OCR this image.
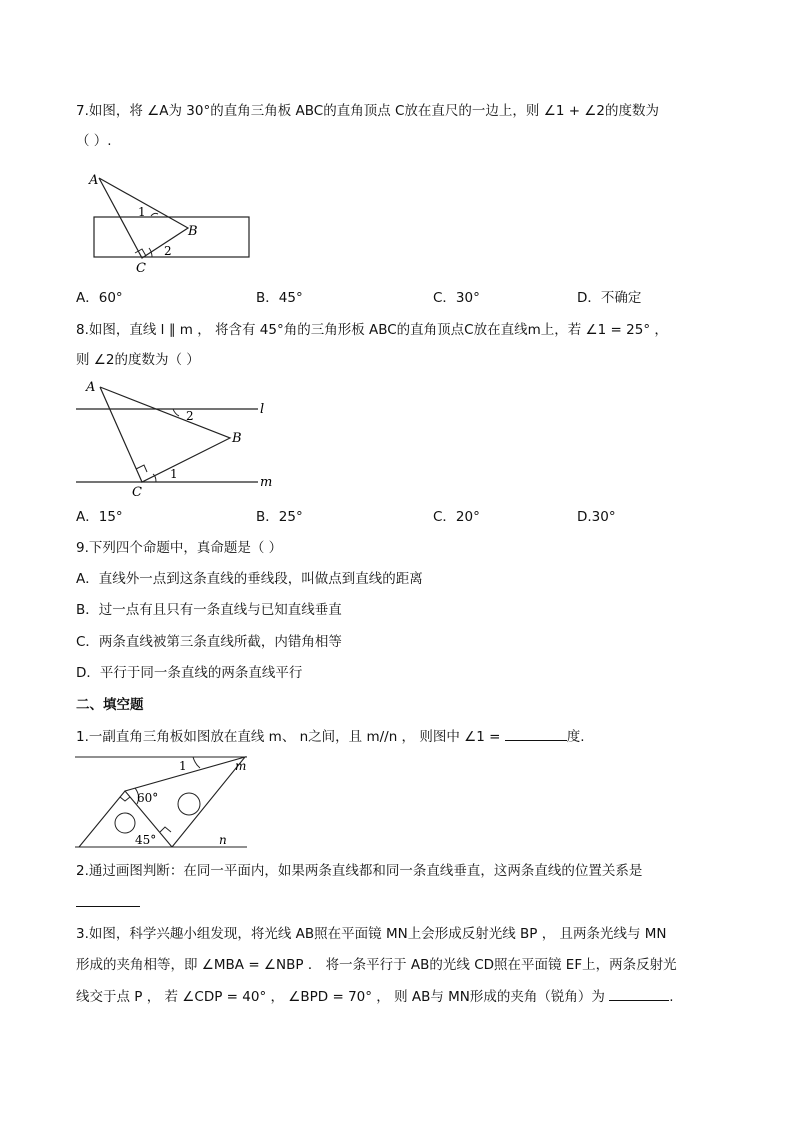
7.如图，将 ∠A为 30°的直角三角板 ABC的直角顶点 C放在直尺的一边上，则 ∠1 + ∠2的度数为
（ ）.
A
B
C
1
2
A．60°	B．45°	C．30°	D．不确定
8.如图，直线 l ∥ m ， 将含有 45°角的三角形板 ABC的直角顶点C放在直线m上，若 ∠1 = 25° ，
则 ∠2的度数为（ ）
A
B
C
1
2	l
m
A．15°	B．25°	C．20°	D.30°
9.下列四个命题中，真命题是（ ）
A．直线外一点到这条直线的垂线段，叫做点到直线的距离
B．过一点有且只有一条直线与已知直线垂直
C．两条直线被第三条直线所截，内错角相等
D．平行于同一条直线的两条直线平行
二、填空题
1.一副直角三角板如图放在直线 m、 n之间，且 m//n ， 则图中 ∠1 =	度.
1	m
n
60°
45°
2.通过画图判断：在同一平面内，如果两条直线都和同一条直线垂直，这两条直线的位置关系是
3.如图，科学兴趣小组发现，将光线 AB照在平面镜 MN上会形成反射光线 BP ， 且两条光线与 MN
形成的夹角相等，即 ∠MBA = ∠NBP ． 将一条平行于 AB的光线 CD照在平面镜 EF上，两条反射光
线交于点 P ， 若 ∠CDP = 40° ， ∠BPD = 70° ， 则 AB与 MN形成的夹角（锐角）为	.
